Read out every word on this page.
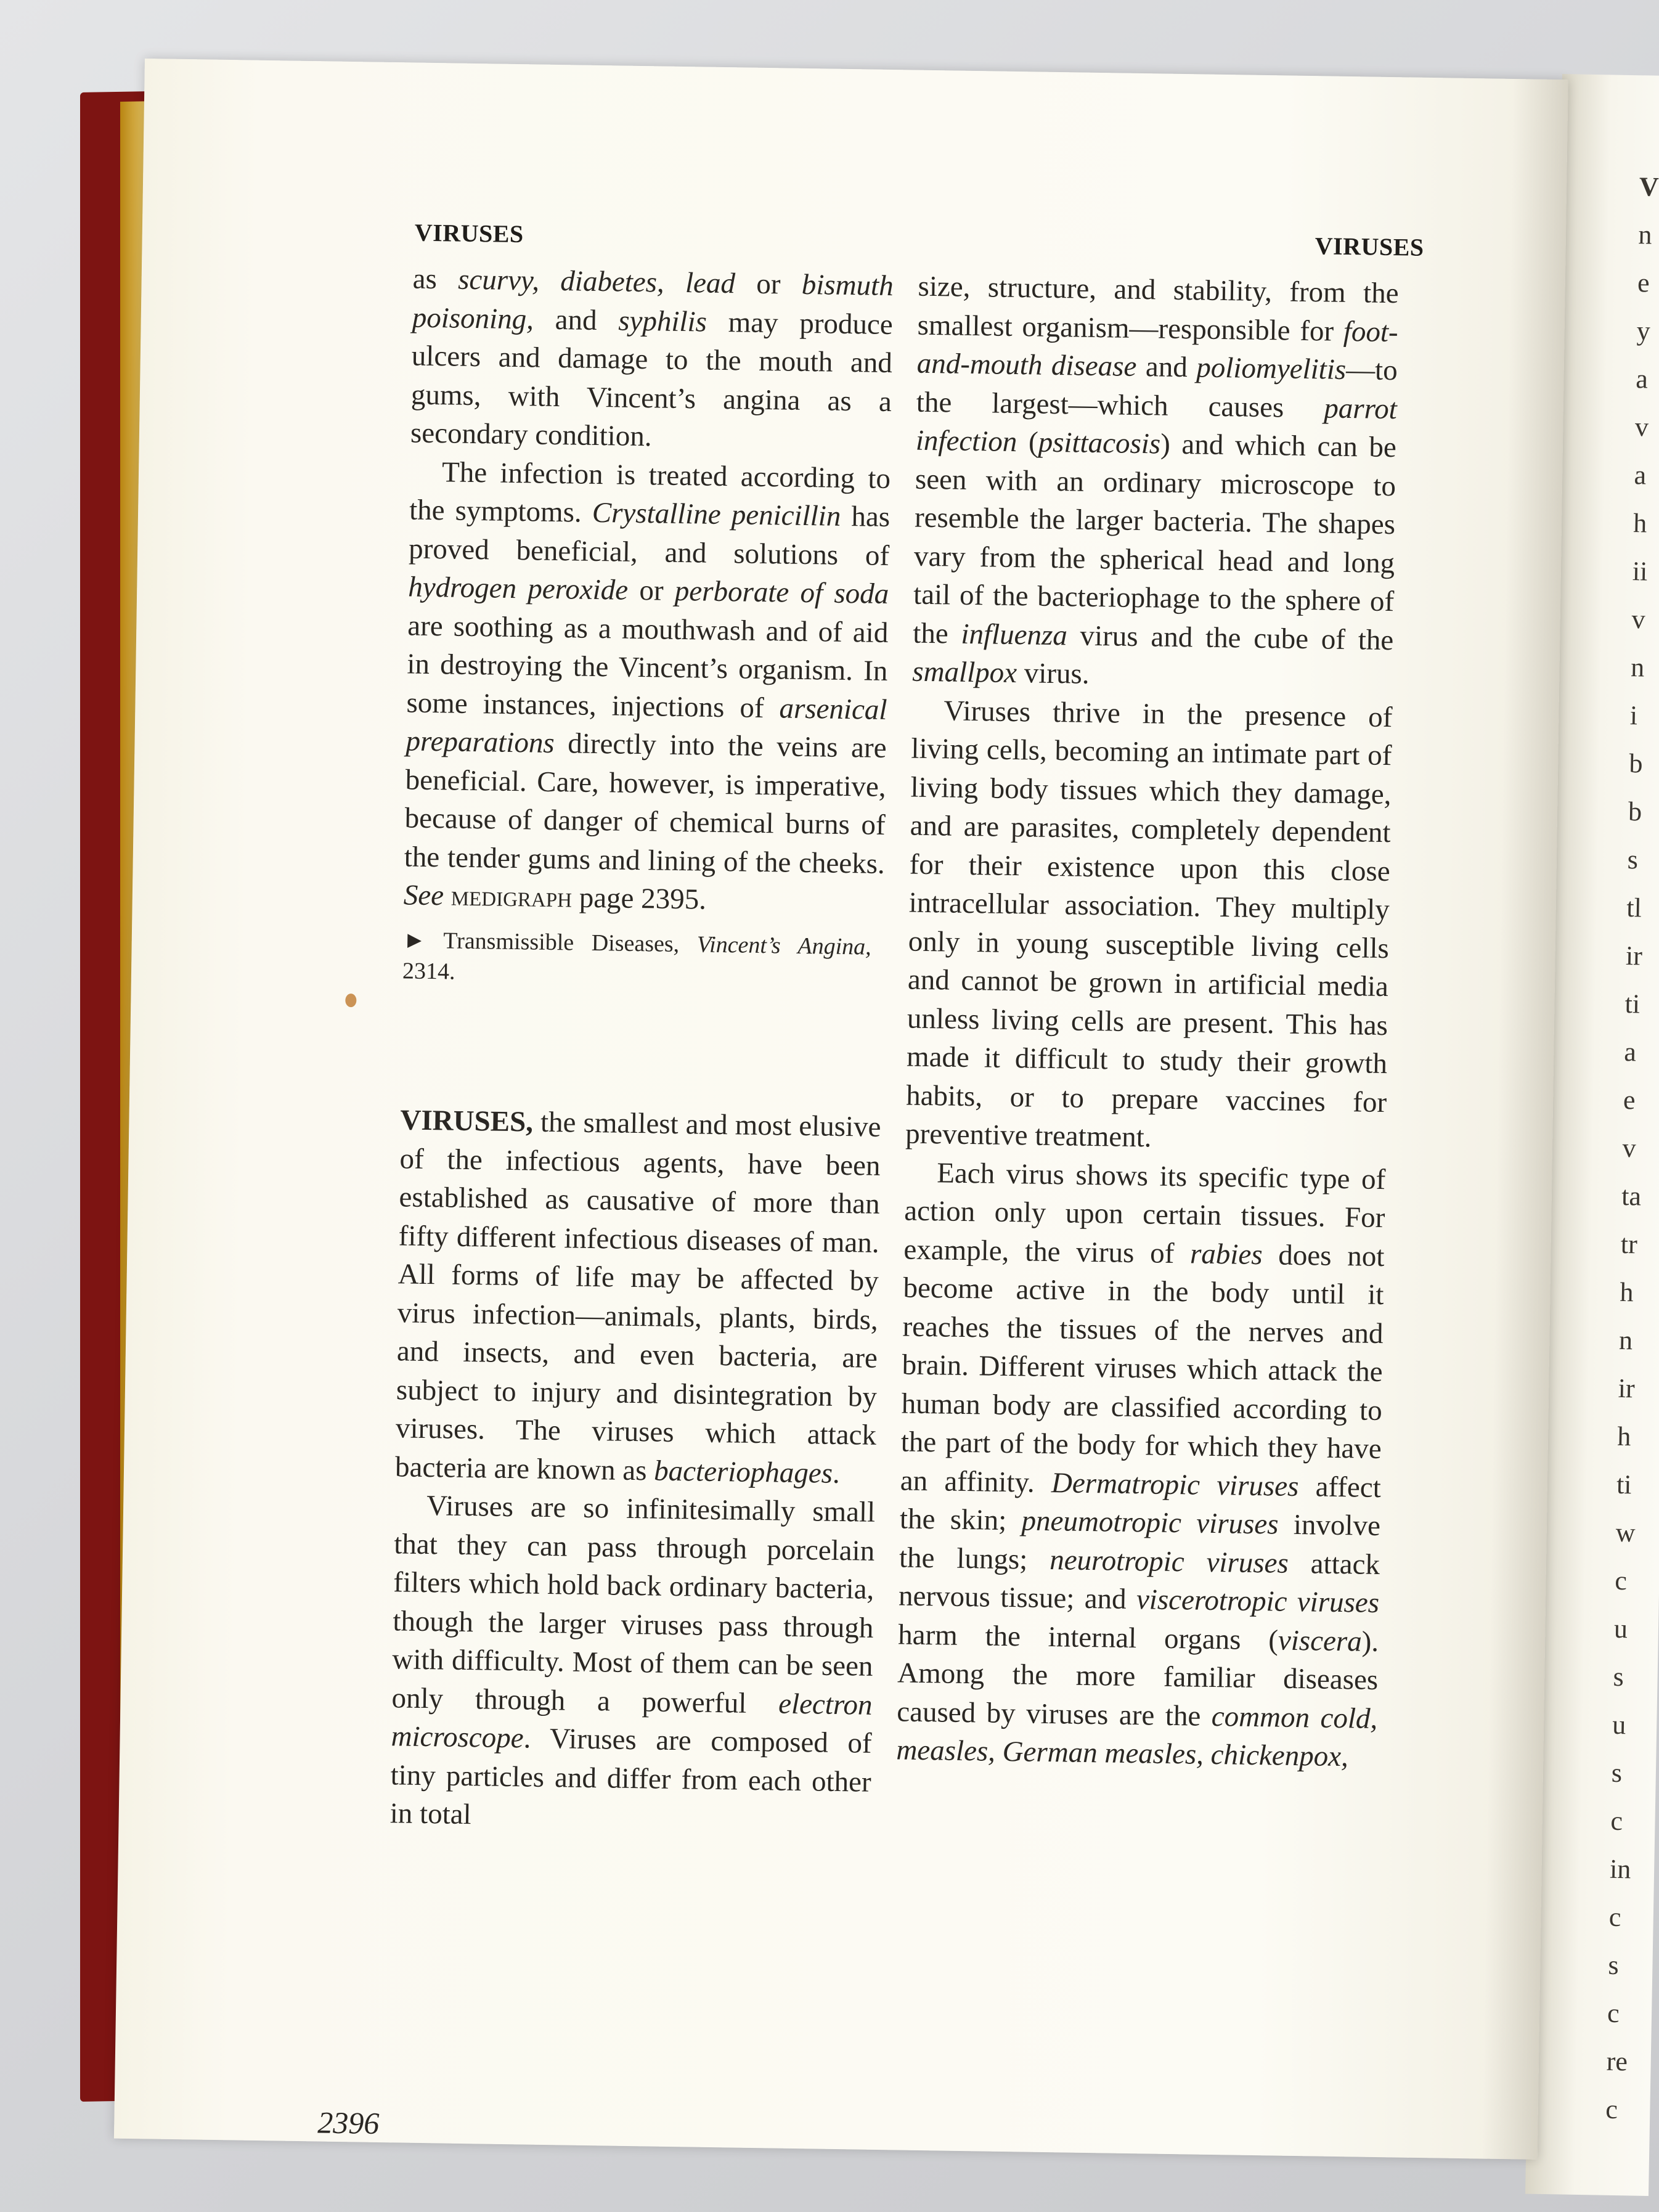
V
n
e
y
a
v
a
h
ii
v
n
i
b
b
s
tl
ir
ti
a
e
v
ta
tr
h
n
ir
h
ti
w
c
u
s
u
s
c
in
c
s
c
re
c
VIRUSES	VIRUSES

as scurvy, diabetes, lead or bismuth poisoning, and syphilis may produce ulcers and damage to the mouth and gums, with Vincent’s angina as a secondary condition.

The infection is treated according to the symptoms. Crystalline penicillin has proved beneficial, and solutions of hydrogen peroxide or perborate of soda are soothing as a mouthwash and of aid in destroying the Vincent’s organism. In some instances, injections of arsenical preparations directly into the veins are beneficial. Care, however, is imperative, because of danger of chemical burns of the tender gums and lining of the cheeks. See medigraph page 2395.

► Transmissible Diseases, Vincent’s Angina, 2314.

VIRUSES, the smallest and most elusive of the infectious agents, have been established as causative of more than fifty different infectious diseases of man. All forms of life may be affected by virus infection—animals, plants, birds, and insects, and even bacteria, are subject to injury and disintegration by viruses. The viruses which attack bacteria are known as bacteriophages.

Viruses are so infinitesimally small that they can pass through porcelain filters which hold back ordinary bacteria, though the larger viruses pass through with difficulty. Most of them can be seen only through a powerful electron microscope. Viruses are composed of tiny particles and differ from each other in total

size, structure, and stability, from the smallest organism—responsible for foot-and-mouth disease and poliomyelitis—to the largest—which causes parrot infection (psittacosis) and which can be seen with an ordinary microscope to resemble the larger bacteria. The shapes vary from the spherical head and long tail of the bacteriophage to the sphere of the influenza virus and the cube of the smallpox virus.

Viruses thrive in the presence of living cells, becoming an intimate part of living body tissues which they damage, and are parasites, completely dependent for their existence upon this close intracellular association. They multiply only in young susceptible living cells and cannot be grown in artificial media unless living cells are present. This has made it difficult to study their growth habits, or to prepare vaccines for preventive treatment.

Each virus shows its specific type of action only upon certain tissues. For example, the virus of rabies does not become active in the body until it reaches the tissues of the nerves and brain. Different viruses which attack the human body are classified according to the part of the body for which they have an affinity. Dermatropic viruses affect the skin; pneumotropic viruses involve the lungs; neurotropic viruses attack nervous tissue; and viscerotropic viruses harm the internal organs (viscera). Among the more familiar diseases caused by viruses are the common cold, measles, German measles, chickenpox,

2396
